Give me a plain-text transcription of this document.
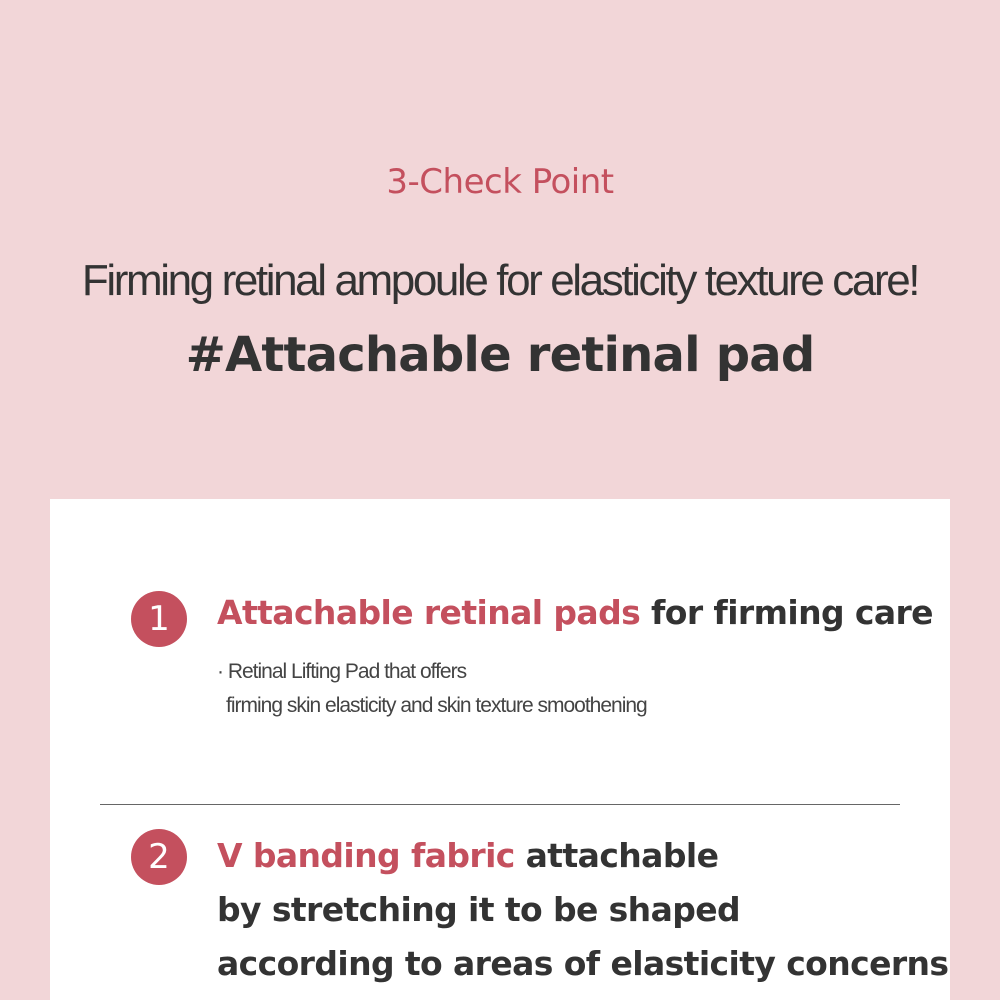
3-Check Point
Firming retinal ampoule for elasticity texture care!
#Attachable retinal pad
1	Attachable retinal pads for firming care
· Retinal Lifting Pad that offers
firming skin elasticity and skin texture smoothening
2	V banding fabric attachable
by stretching it to be shaped
according to areas of elasticity concerns
